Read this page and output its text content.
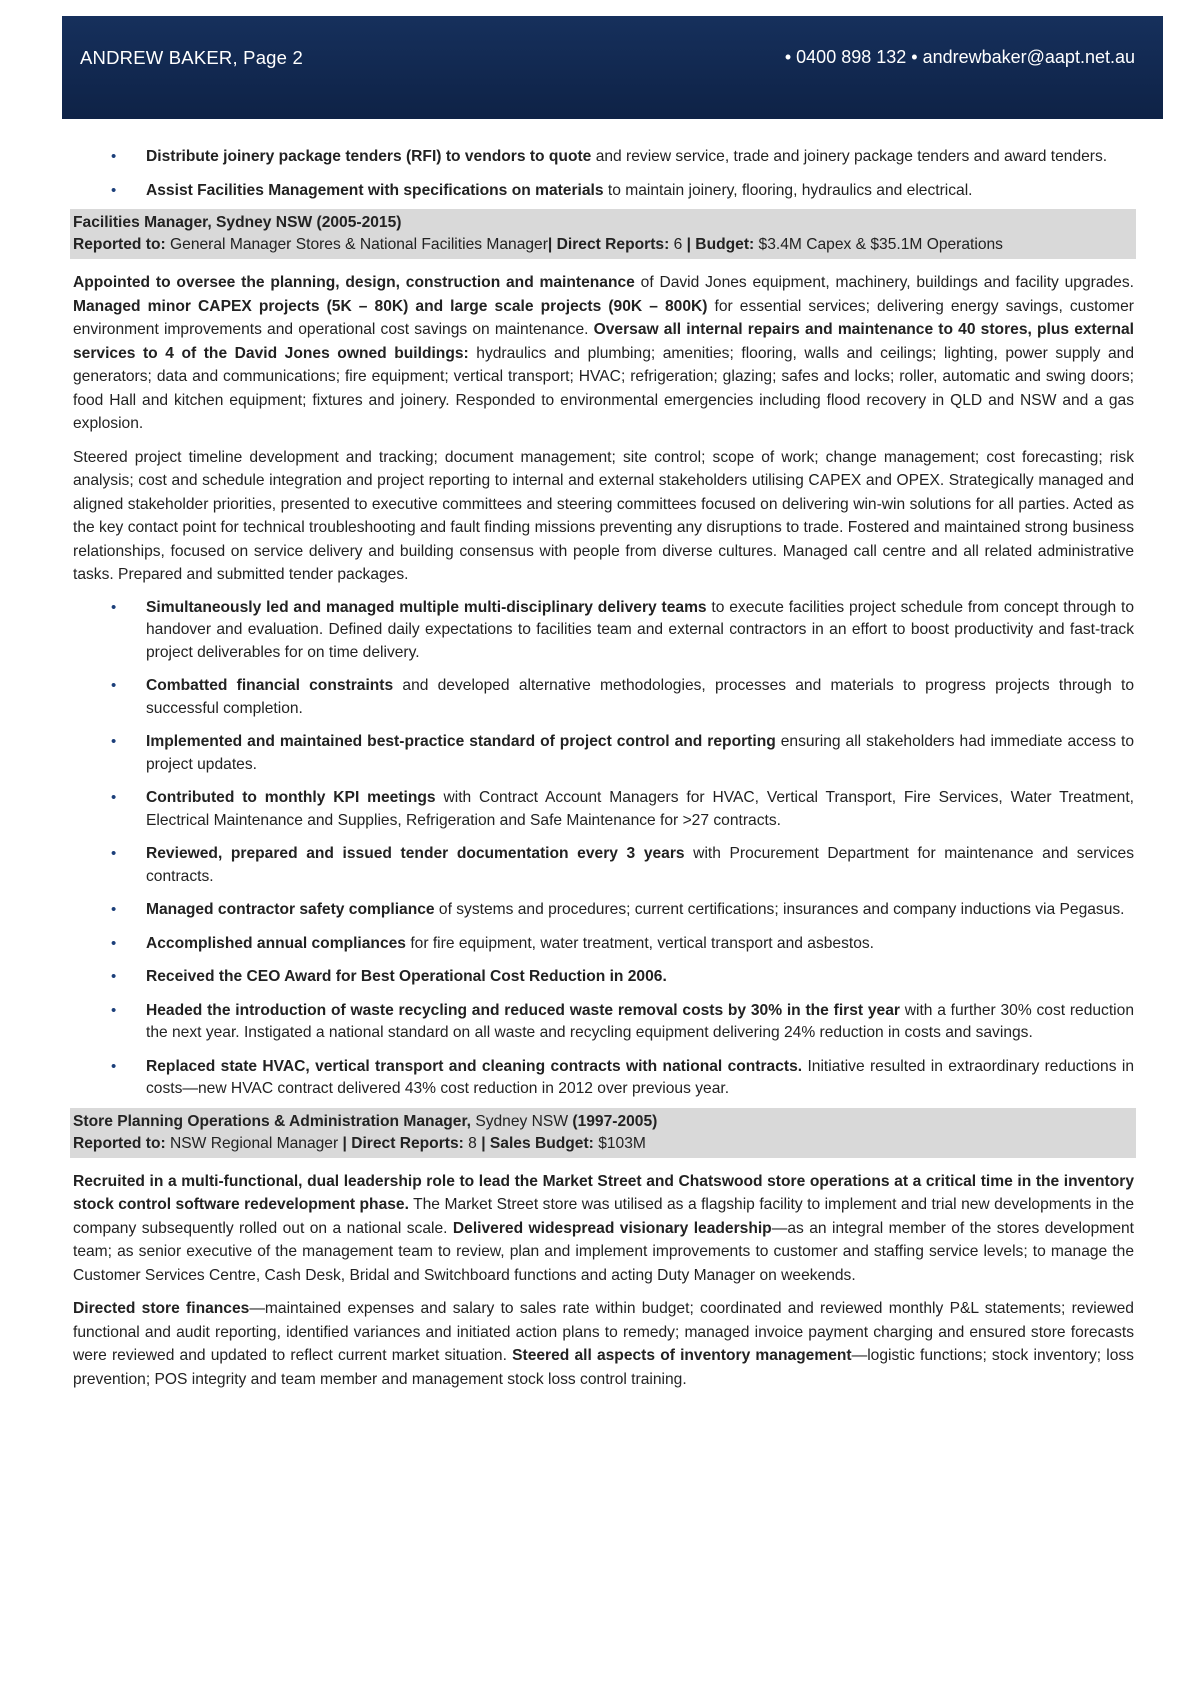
ANDREW BAKER, Page 2	• 0400 898 132 • andrewbaker@aapt.net.au
• Distribute joinery package tenders (RFI) to vendors to quote and review service, trade and joinery package tenders and award tenders.
• Assist Facilities Management with specifications on materials to maintain joinery, flooring, hydraulics and electrical.
Facilities Manager, Sydney NSW (2005-2015)
Reported to: General Manager Stores & National Facilities Manager| Direct Reports: 6 | Budget: $3.4M Capex & $35.1M Operations

Appointed to oversee the planning, design, construction and maintenance of David Jones equipment, machinery, buildings and facility upgrades. Managed minor CAPEX projects (5K – 80K) and large scale projects (90K – 800K) for essential services; delivering energy savings, customer environment improvements and operational cost savings on maintenance. Oversaw all internal repairs and maintenance to 40 stores, plus external services to 4 of the David Jones owned buildings: hydraulics and plumbing; amenities; flooring, walls and ceilings; lighting, power supply and generators; data and communications; fire equipment; vertical transport; HVAC; refrigeration; glazing; safes and locks; roller, automatic and swing doors; food Hall and kitchen equipment; fixtures and joinery. Responded to environmental emergencies including flood recovery in QLD and NSW and a gas explosion.

Steered project timeline development and tracking; document management; site control; scope of work; change management; cost forecasting; risk analysis; cost and schedule integration and project reporting to internal and external stakeholders utilising CAPEX and OPEX. Strategically managed and aligned stakeholder priorities, presented to executive committees and steering committees focused on delivering win-win solutions for all parties. Acted as the key contact point for technical troubleshooting and fault finding missions preventing any disruptions to trade. Fostered and maintained strong business relationships, focused on service delivery and building consensus with people from diverse cultures. Managed call centre and all related administrative tasks. Prepared and submitted tender packages.

• Simultaneously led and managed multiple multi-disciplinary delivery teams to execute facilities project schedule from concept through to handover and evaluation. Defined daily expectations to facilities team and external contractors in an effort to boost productivity and fast-track project deliverables for on time delivery.
• Combatted financial constraints and developed alternative methodologies, processes and materials to progress projects through to successful completion.
• Implemented and maintained best-practice standard of project control and reporting ensuring all stakeholders had immediate access to project updates.
• Contributed to monthly KPI meetings with Contract Account Managers for HVAC, Vertical Transport, Fire Services, Water Treatment, Electrical Maintenance and Supplies, Refrigeration and Safe Maintenance for >27 contracts.
• Reviewed, prepared and issued tender documentation every 3 years with Procurement Department for maintenance and services contracts.
• Managed contractor safety compliance of systems and procedures; current certifications; insurances and company inductions via Pegasus.
• Accomplished annual compliances for fire equipment, water treatment, vertical transport and asbestos.
• Received the CEO Award for Best Operational Cost Reduction in 2006.
• Headed the introduction of waste recycling and reduced waste removal costs by 30% in the first year with a further 30% cost reduction the next year. Instigated a national standard on all waste and recycling equipment delivering 24% reduction in costs and savings.
• Replaced state HVAC, vertical transport and cleaning contracts with national contracts. Initiative resulted in extraordinary reductions in costs—new HVAC contract delivered 43% cost reduction in 2012 over previous year.
Store Planning Operations & Administration Manager, Sydney NSW (1997-2005)
Reported to: NSW Regional Manager | Direct Reports: 8 | Sales Budget: $103M

Recruited in a multi-functional, dual leadership role to lead the Market Street and Chatswood store operations at a critical time in the inventory stock control software redevelopment phase. The Market Street store was utilised as a flagship facility to implement and trial new developments in the company subsequently rolled out on a national scale. Delivered widespread visionary leadership—as an integral member of the stores development team; as senior executive of the management team to review, plan and implement improvements to customer and staffing service levels; to manage the Customer Services Centre, Cash Desk, Bridal and Switchboard functions and acting Duty Manager on weekends.

Directed store finances—maintained expenses and salary to sales rate within budget; coordinated and reviewed monthly P&L statements; reviewed functional and audit reporting, identified variances and initiated action plans to remedy; managed invoice payment charging and ensured store forecasts were reviewed and updated to reflect current market situation. Steered all aspects of inventory management—logistic functions; stock inventory; loss prevention; POS integrity and team member and management stock loss control training.
